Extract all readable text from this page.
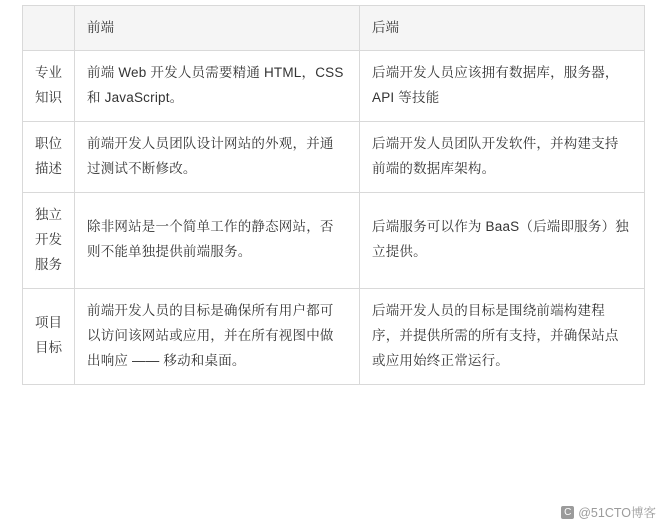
	前端	后端
专业知识	前端 Web 开发人员需要精通 HTML，CSS 和 JavaScript。	后端开发人员应该拥有数据库，服务器，API 等技能
职位描述	前端开发人员团队设计网站的外观，并通过测试不断修改。	后端开发人员团队开发软件，并构建支持前端的数据库架构。
独立开发服务	除非网站是一个简单工作的静态网站，否则不能单独提供前端服务。	后端服务可以作为 BaaS（后端即服务）独立提供。
项目目标	前端开发人员的目标是确保所有用户都可以访问该网站或应用，并在所有视图中做出响应 —— 移动和桌面。	后端开发人员的目标是围绕前端构建程序，并提供所需的所有支持，并确保站点或应用始终正常运行。
C @51CTO博客
